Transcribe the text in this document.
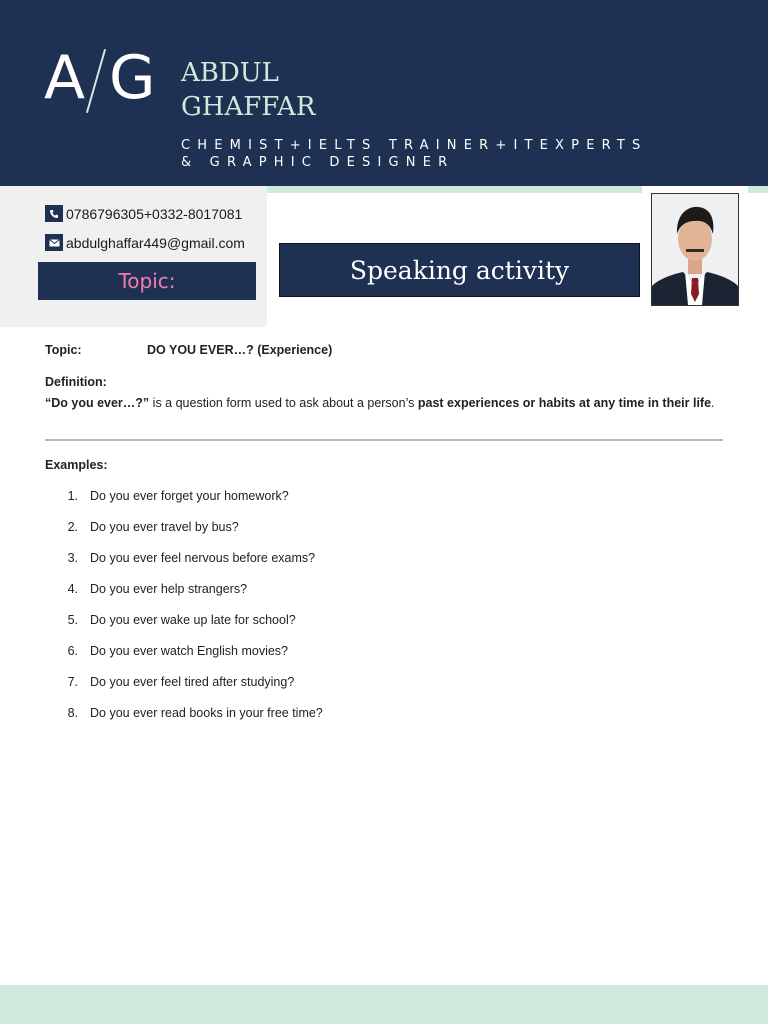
A G ABDUL
GHAFFAR
CHEMIST+IELTS TRAINER+ITEXPERTS & GRAPHIC DESIGNER
0786796305+0332-8017081
abdulghaffar449@gmail.com
Topic:	Speaking activity
Topic:	DO YOU EVER…? (Experience)
Definition:
“Do you ever…?” is a question form used to ask about a person’s past experiences or habits at any time in their life.
Examples:
1. Do you ever forget your homework?
2. Do you ever travel by bus?
3. Do you ever feel nervous before exams?
4. Do you ever help strangers?
5. Do you ever wake up late for school?
6. Do you ever watch English movies?
7. Do you ever feel tired after studying?
8. Do you ever read books in your free time?
